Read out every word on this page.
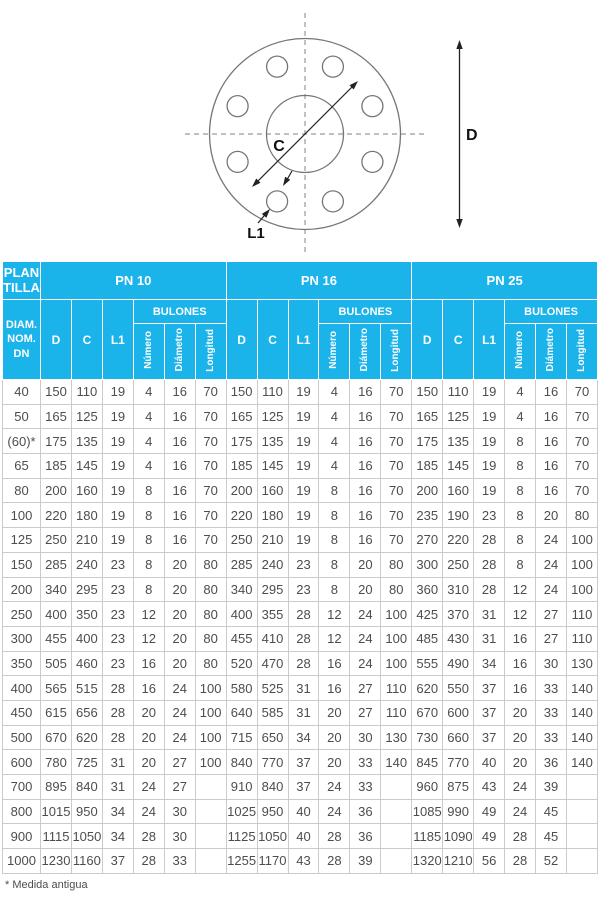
C
D
L1
PLAN TILLA	PN 10						PN 16						PN 25					
DIAM. NOM. DN	D	C	L1	BULONES			D	C	L1	BULONES			D	C	L1	BULONES		
				Número	Diámetro	Longitud				Número	Diámetro	Longitud				Número	Diámetro	Longitud
40	150	110	19	4	16	70	150	110	19	4	16	70	150	110	19	4	16	70
50	165	125	19	4	16	70	165	125	19	4	16	70	165	125	19	4	16	70
(60)*	175	135	19	4	16	70	175	135	19	4	16	70	175	135	19	8	16	70
65	185	145	19	4	16	70	185	145	19	4	16	70	185	145	19	8	16	70
80	200	160	19	8	16	70	200	160	19	8	16	70	200	160	19	8	16	70
100	220	180	19	8	16	70	220	180	19	8	16	70	235	190	23	8	20	80
125	250	210	19	8	16	70	250	210	19	8	16	70	270	220	28	8	24	100
150	285	240	23	8	20	80	285	240	23	8	20	80	300	250	28	8	24	100
200	340	295	23	8	20	80	340	295	23	8	20	80	360	310	28	12	24	100
250	400	350	23	12	20	80	400	355	28	12	24	100	425	370	31	12	27	110
300	455	400	23	12	20	80	455	410	28	12	24	100	485	430	31	16	27	110
350	505	460	23	16	20	80	520	470	28	16	24	100	555	490	34	16	30	130
400	565	515	28	16	24	100	580	525	31	16	27	110	620	550	37	16	33	140
450	615	656	28	20	24	100	640	585	31	20	27	110	670	600	37	20	33	140
500	670	620	28	20	24	100	715	650	34	20	30	130	730	660	37	20	33	140
600	780	725	31	20	27	100	840	770	37	20	33	140	845	770	40	20	36	140
700	895	840	31	24	27		910	840	37	24	33		960	875	43	24	39	
800	1015	950	34	24	30		1025	950	40	24	36		1085	990	49	24	45	
900	1115	1050	34	28	30		1125	1050	40	28	36		1185	1090	49	28	45	
1000	1230	1160	37	28	33		1255	1170	43	28	39		1320	1210	56	28	52	
* Medida antigua
